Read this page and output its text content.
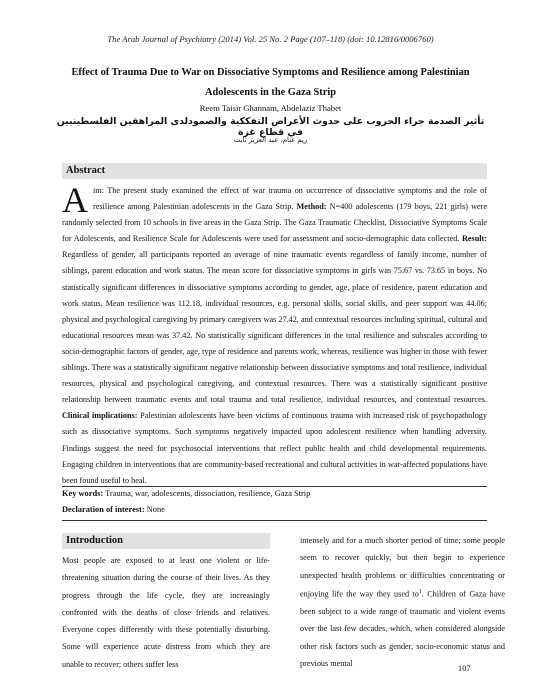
The Arab Journal of Psychiatry (2014) Vol. 25 No. 2 Page (107–118) (doi: 10.12816/0006760)
Effect of Trauma Due to War on Dissociative Symptoms and Resilience among Palestinian Adolescents in the Gaza Strip
Reem Taisir Ghannam, Abdelaziz Thabet
تأثير الصدمة جراء الحروب على حدوث الأعراض التفككية والصمودلدى المراهقين الفلسطينيين في قطاع غزة
ريم غنام، عبد العزيز ثابت
Abstract
Aim: The present study examined the effect of war trauma on occurrence of dissociative symptoms and the role of resilience among Palestinian adolescents in the Gaza Strip. Method: N=400 adolescents (179 boys, 221 girls) were randomly selected from 10 schools in five areas in the Gaza Strip. The Gaza Traumatic Checklist, Dissociative Symptoms Scale for Adolescents, and Resilience Scale for Adolescents were used for assessment and socio-demographic data collected. Result: Regardless of gender, all participants reported an average of nine traumatic events regardless of family income, number of siblings, parent education and work status. The mean score for dissociative symptoms in girls was 75.67 vs. 73.65 in boys. No statistically significant differences in dissociative symptoms according to gender, age, place of residence, parent education and work status. Mean resilience was 112.18, individual resources, e.g. personal skills, social skills, and peer support was 44.06; physical and psychological caregiving by primary caregivers was 27.42, and contextual resources including spiritual, cultural and educational resources mean was 37.42. No statistically significant differences in the total resilience and subscales according to socio-demographic factors of gender, age, type of residence and parents work, whereas, resilience was higher in those with fewer siblings. There was a statistically significant negative relationship between dissociative symptoms and total resilience, individual resources, physical and psychological caregiving, and contextual resources. There was a statistically significant positive relationship between traumatic events and total trauma and total resilience, individual resources, and contextual resources. Clinical implications: Palestinian adolescents have been victims of continuous trauma with increased risk of psychopathology such as dissociative symptoms. Such symptoms negatively impacted upon adolescent resilience when handling adversity. Findings suggest the need for psychosocial interventions that reflect public health and child developmental requirements. Engaging children in interventions that are community-based recreational and cultural activities in war-affected populations have been found useful to heal.
Key words: Trauma, war, adolescents, dissociation, resilience, Gaza Strip
Declaration of interest: None
Introduction
Most people are exposed to at least one violent or life-threatening situation during the course of their lives. As they progress through the life cycle, they are increasingly confronted with the deaths of close friends and relatives. Everyone copes differently with these potentially disturbing. Some will experience acute distress from which they are unable to recover; others suffer less
intensely and for a much shorter period of time; some people seem to recover quickly, but then begin to experience unexpected health problems or difficulties concentrating or enjoying life the way they used $to^1$. Children of Gaza have been subject to a wide range of traumatic and violent events over the last few decades, which, when considered alongside other risk factors such as gender, socio-economic status and previous mental
107
